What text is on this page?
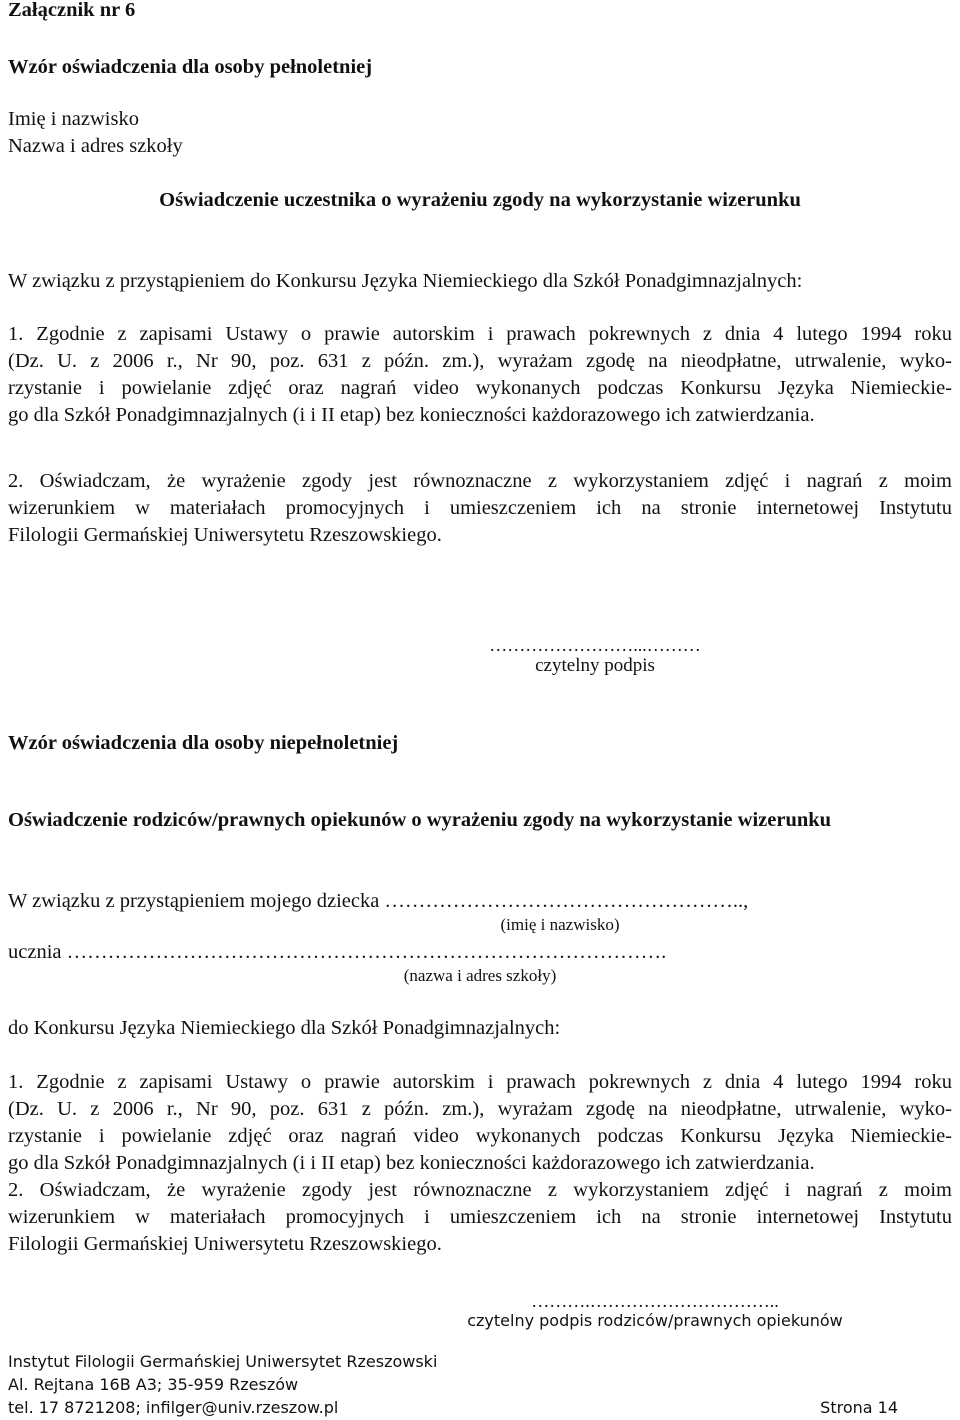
Załącznik nr 6
Wzór oświadczenia dla osoby pełnoletniej
Imię i nazwisko
Nazwa i adres szkoły
Oświadczenie uczestnika o wyrażeniu zgody na wykorzystanie wizerunku
W związku z przystąpieniem do Konkursu Języka Niemieckiego dla Szkół Ponadgimnazjalnych:
1. Zgodnie z zapisami Ustawy o prawie autorskim i prawach pokrewnych z dnia 4 lutego 1994 roku
(Dz. U. z 2006 r., Nr 90, poz. 631 z późn. zm.), wyrażam zgodę na nieodpłatne, utrwalenie, wyko-
rzystanie i powielanie zdjęć oraz nagrań video wykonanych podczas Konkursu Języka Niemieckie-
go dla Szkół Ponadgimnazjalnych (i i II etap) bez konieczności każdorazowego ich zatwierdzania.
2. Oświadczam, że wyrażenie zgody jest równoznaczne z wykorzystaniem zdjęć i nagrań z moim
wizerunkiem w materiałach promocyjnych i umieszczeniem ich na stronie internetowej Instytutu
Filologii Germańskiej Uniwersytetu Rzeszowskiego.
……………………...………
czytelny podpis
Wzór oświadczenia dla osoby niepełnoletniej
Oświadczenie rodziców/prawnych opiekunów o wyrażeniu zgody na wykorzystanie wizerunku
W związku z przystąpieniem mojego dziecka ……………………………………………..,
(imię i nazwisko)
ucznia …………………………………………………………………………….
(nazwa i adres szkoły)
do Konkursu Języka Niemieckiego dla Szkół Ponadgimnazjalnych:
1. Zgodnie z zapisami Ustawy o prawie autorskim i prawach pokrewnych z dnia 4 lutego 1994 roku
(Dz. U. z 2006 r., Nr 90, poz. 631 z późn. zm.), wyrażam zgodę na nieodpłatne, utrwalenie, wyko-
rzystanie i powielanie zdjęć oraz nagrań video wykonanych podczas Konkursu Języka Niemieckie-
go dla Szkół Ponadgimnazjalnych (i i II etap) bez konieczności każdorazowego ich zatwierdzania.
2. Oświadczam, że wyrażenie zgody jest równoznaczne z wykorzystaniem zdjęć i nagrań z moim
wizerunkiem w materiałach promocyjnych i umieszczeniem ich na stronie internetowej Instytutu
Filologii Germańskiej Uniwersytetu Rzeszowskiego.
……….…………………………..
czytelny podpis rodziców/prawnych opiekunów
Instytut Filologii Germańskiej Uniwersytet Rzeszowski
Al. Rejtana 16B A3; 35-959 Rzeszów
tel. 17 8721208; infilger@univ.rzeszow.pl	Strona 14
